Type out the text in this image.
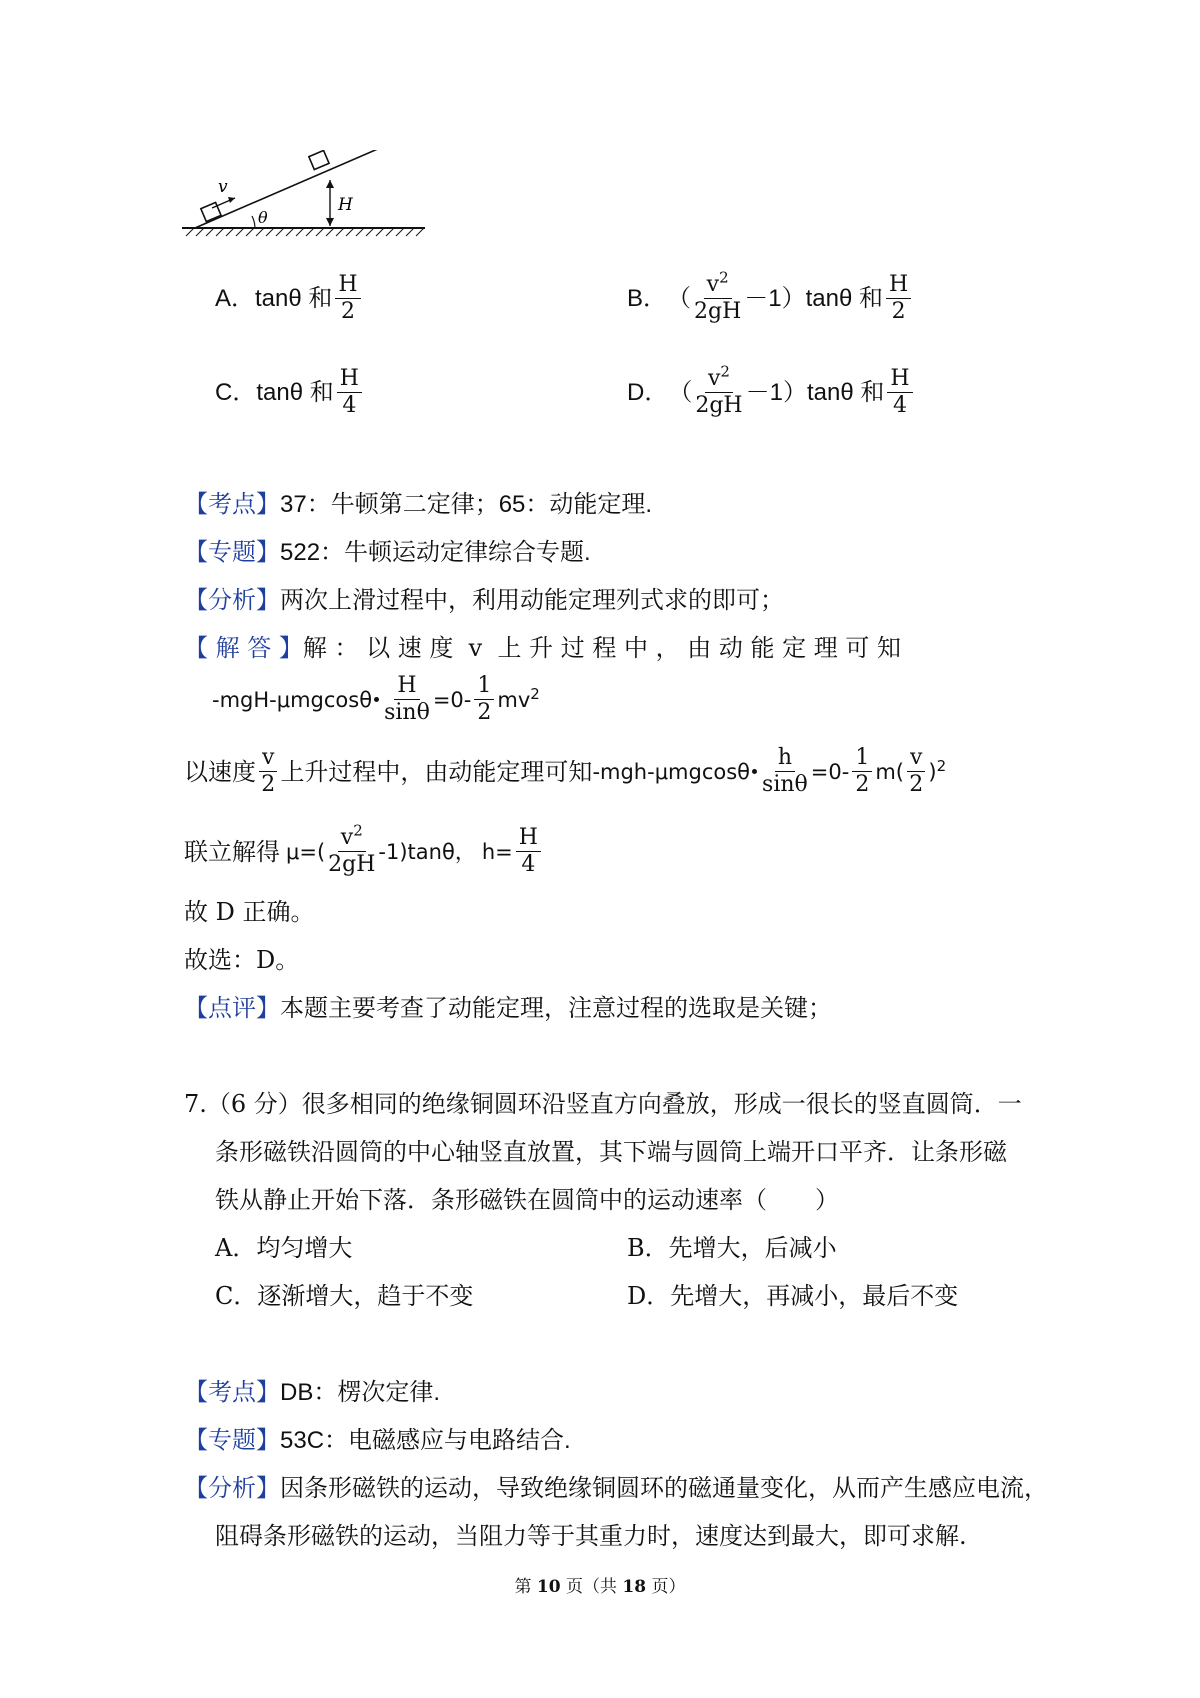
v
θ
H
A． tanθ 和 $\frac{H}{2}$	B． （ $\frac{v^2}{2gH} -1)\tan\theta$ 和 $\frac{H}{2}$
C． tanθ 和 $\frac{H}{4}$	D． （ $\frac{v^2}{2gH} -1)\tan\theta$ 和 $\frac{H}{4}$
【考点】37：牛顿第二定律；65：动能定理.
【专题】522：牛顿运动定律综合专题.
【分析】两次上滑过程中，利用动能定理列式求的即可；
【 解 答 】 解 ： 以 速 度  v  上 升 过 程 中 ， 由 动 能 定 理 可 知
$-mgH-\mu mgcos\theta \frac{H}{\sin\theta} =0- \frac{1}{2} mv^2$
以速度 $\frac{v}{2}$ 上升过程中，由动能定理可知 $-mgh-\mu mgcos\theta \frac{h}{\sin\theta} =0- \frac{1}{2} m( \frac{v}{2} )^2$
联立解得 $\mu=( \frac{v^2}{2gH} -1)\tan\theta$， $h= \frac{H}{4}$
故 D 正确。
故选：D。
【点评】本题主要考查了动能定理，注意过程的选取是关键；
7.（6 分）很多相同的绝缘铜圆环沿竖直方向叠放，形成一很长的竖直圆筒．一
条形磁铁沿圆筒的中心轴竖直放置，其下端与圆筒上端开口平齐．让条形磁
铁从静止开始下落．条形磁铁在圆筒中的运动速率（　　）
A．均匀增大	B．先增大，后减小
C．逐渐增大，趋于不变	D．先增大，再减小，最后不变
【考点】DB：楞次定律.
【专题】53C：电磁感应与电路结合.
【分析】因条形磁铁的运动，导致绝缘铜圆环的磁通量变化，从而产生感应电流，
阻碍条形磁铁的运动，当阻力等于其重力时，速度达到最大，即可求解.
第 10 页（共 18 页）
